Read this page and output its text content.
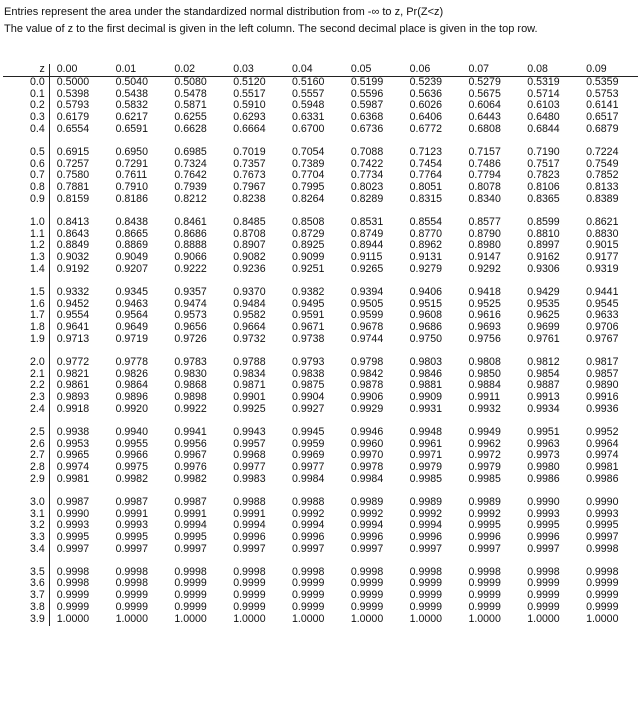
Entries represent the area under the standardized normal distribution from -∞ to z, Pr(Z<z)
The value of z to the first decimal is given in the left column. The second decimal place is given in the top row.
z	0.00	0.01	0.02	0.03	0.04	0.05	0.06	0.07	0.08	0.09
0.0	0.5000	0.5040	0.5080	0.5120	0.5160	0.5199	0.5239	0.5279	0.5319	0.5359
0.1	0.5398	0.5438	0.5478	0.5517	0.5557	0.5596	0.5636	0.5675	0.5714	0.5753
0.2	0.5793	0.5832	0.5871	0.5910	0.5948	0.5987	0.6026	0.6064	0.6103	0.6141
0.3	0.6179	0.6217	0.6255	0.6293	0.6331	0.6368	0.6406	0.6443	0.6480	0.6517
0.4	0.6554	0.6591	0.6628	0.6664	0.6700	0.6736	0.6772	0.6808	0.6844	0.6879
0.5	0.6915	0.6950	0.6985	0.7019	0.7054	0.7088	0.7123	0.7157	0.7190	0.7224
0.6	0.7257	0.7291	0.7324	0.7357	0.7389	0.7422	0.7454	0.7486	0.7517	0.7549
0.7	0.7580	0.7611	0.7642	0.7673	0.7704	0.7734	0.7764	0.7794	0.7823	0.7852
0.8	0.7881	0.7910	0.7939	0.7967	0.7995	0.8023	0.8051	0.8078	0.8106	0.8133
0.9	0.8159	0.8186	0.8212	0.8238	0.8264	0.8289	0.8315	0.8340	0.8365	0.8389
1.0	0.8413	0.8438	0.8461	0.8485	0.8508	0.8531	0.8554	0.8577	0.8599	0.8621
1.1	0.8643	0.8665	0.8686	0.8708	0.8729	0.8749	0.8770	0.8790	0.8810	0.8830
1.2	0.8849	0.8869	0.8888	0.8907	0.8925	0.8944	0.8962	0.8980	0.8997	0.9015
1.3	0.9032	0.9049	0.9066	0.9082	0.9099	0.9115	0.9131	0.9147	0.9162	0.9177
1.4	0.9192	0.9207	0.9222	0.9236	0.9251	0.9265	0.9279	0.9292	0.9306	0.9319
1.5	0.9332	0.9345	0.9357	0.9370	0.9382	0.9394	0.9406	0.9418	0.9429	0.9441
1.6	0.9452	0.9463	0.9474	0.9484	0.9495	0.9505	0.9515	0.9525	0.9535	0.9545
1.7	0.9554	0.9564	0.9573	0.9582	0.9591	0.9599	0.9608	0.9616	0.9625	0.9633
1.8	0.9641	0.9649	0.9656	0.9664	0.9671	0.9678	0.9686	0.9693	0.9699	0.9706
1.9	0.9713	0.9719	0.9726	0.9732	0.9738	0.9744	0.9750	0.9756	0.9761	0.9767
2.0	0.9772	0.9778	0.9783	0.9788	0.9793	0.9798	0.9803	0.9808	0.9812	0.9817
2.1	0.9821	0.9826	0.9830	0.9834	0.9838	0.9842	0.9846	0.9850	0.9854	0.9857
2.2	0.9861	0.9864	0.9868	0.9871	0.9875	0.9878	0.9881	0.9884	0.9887	0.9890
2.3	0.9893	0.9896	0.9898	0.9901	0.9904	0.9906	0.9909	0.9911	0.9913	0.9916
2.4	0.9918	0.9920	0.9922	0.9925	0.9927	0.9929	0.9931	0.9932	0.9934	0.9936
2.5	0.9938	0.9940	0.9941	0.9943	0.9945	0.9946	0.9948	0.9949	0.9951	0.9952
2.6	0.9953	0.9955	0.9956	0.9957	0.9959	0.9960	0.9961	0.9962	0.9963	0.9964
2.7	0.9965	0.9966	0.9967	0.9968	0.9969	0.9970	0.9971	0.9972	0.9973	0.9974
2.8	0.9974	0.9975	0.9976	0.9977	0.9977	0.9978	0.9979	0.9979	0.9980	0.9981
2.9	0.9981	0.9982	0.9982	0.9983	0.9984	0.9984	0.9985	0.9985	0.9986	0.9986
3.0	0.9987	0.9987	0.9987	0.9988	0.9988	0.9989	0.9989	0.9989	0.9990	0.9990
3.1	0.9990	0.9991	0.9991	0.9991	0.9992	0.9992	0.9992	0.9992	0.9993	0.9993
3.2	0.9993	0.9993	0.9994	0.9994	0.9994	0.9994	0.9994	0.9995	0.9995	0.9995
3.3	0.9995	0.9995	0.9995	0.9996	0.9996	0.9996	0.9996	0.9996	0.9996	0.9997
3.4	0.9997	0.9997	0.9997	0.9997	0.9997	0.9997	0.9997	0.9997	0.9997	0.9998
3.5	0.9998	0.9998	0.9998	0.9998	0.9998	0.9998	0.9998	0.9998	0.9998	0.9998
3.6	0.9998	0.9998	0.9999	0.9999	0.9999	0.9999	0.9999	0.9999	0.9999	0.9999
3.7	0.9999	0.9999	0.9999	0.9999	0.9999	0.9999	0.9999	0.9999	0.9999	0.9999
3.8	0.9999	0.9999	0.9999	0.9999	0.9999	0.9999	0.9999	0.9999	0.9999	0.9999
3.9	1.0000	1.0000	1.0000	1.0000	1.0000	1.0000	1.0000	1.0000	1.0000	1.0000
